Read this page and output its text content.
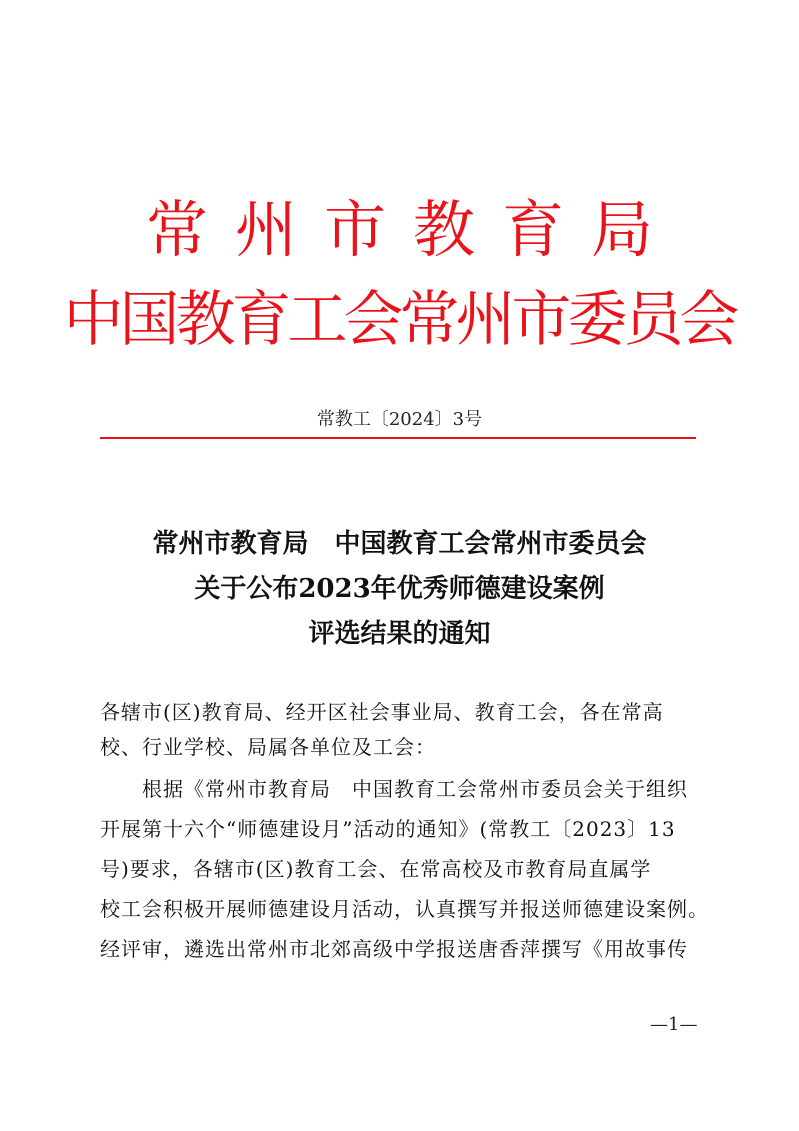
常州市教育局
中国教育工会常州市委员会
常教工〔2024〕3号
常州市教育局　中国教育工会常州市委员会
关于公布2023年优秀师德建设案例
评选结果的通知
各辖市(区)教育局、经开区社会事业局、教育工会，各在常高
校、行业学校、局属各单位及工会：
　　根据《常州市教育局　中国教育工会常州市委员会关于组织
开展第十六个“师德建设月”活动的通知》(常教工〔2023〕13
号)要求，各辖市(区)教育工会、在常高校及市教育局直属学
校工会积极开展师德建设月活动，认真撰写并报送师德建设案例。
经评审，遴选出常州市北郊高级中学报送唐香萍撰写《用故事传
—1—
